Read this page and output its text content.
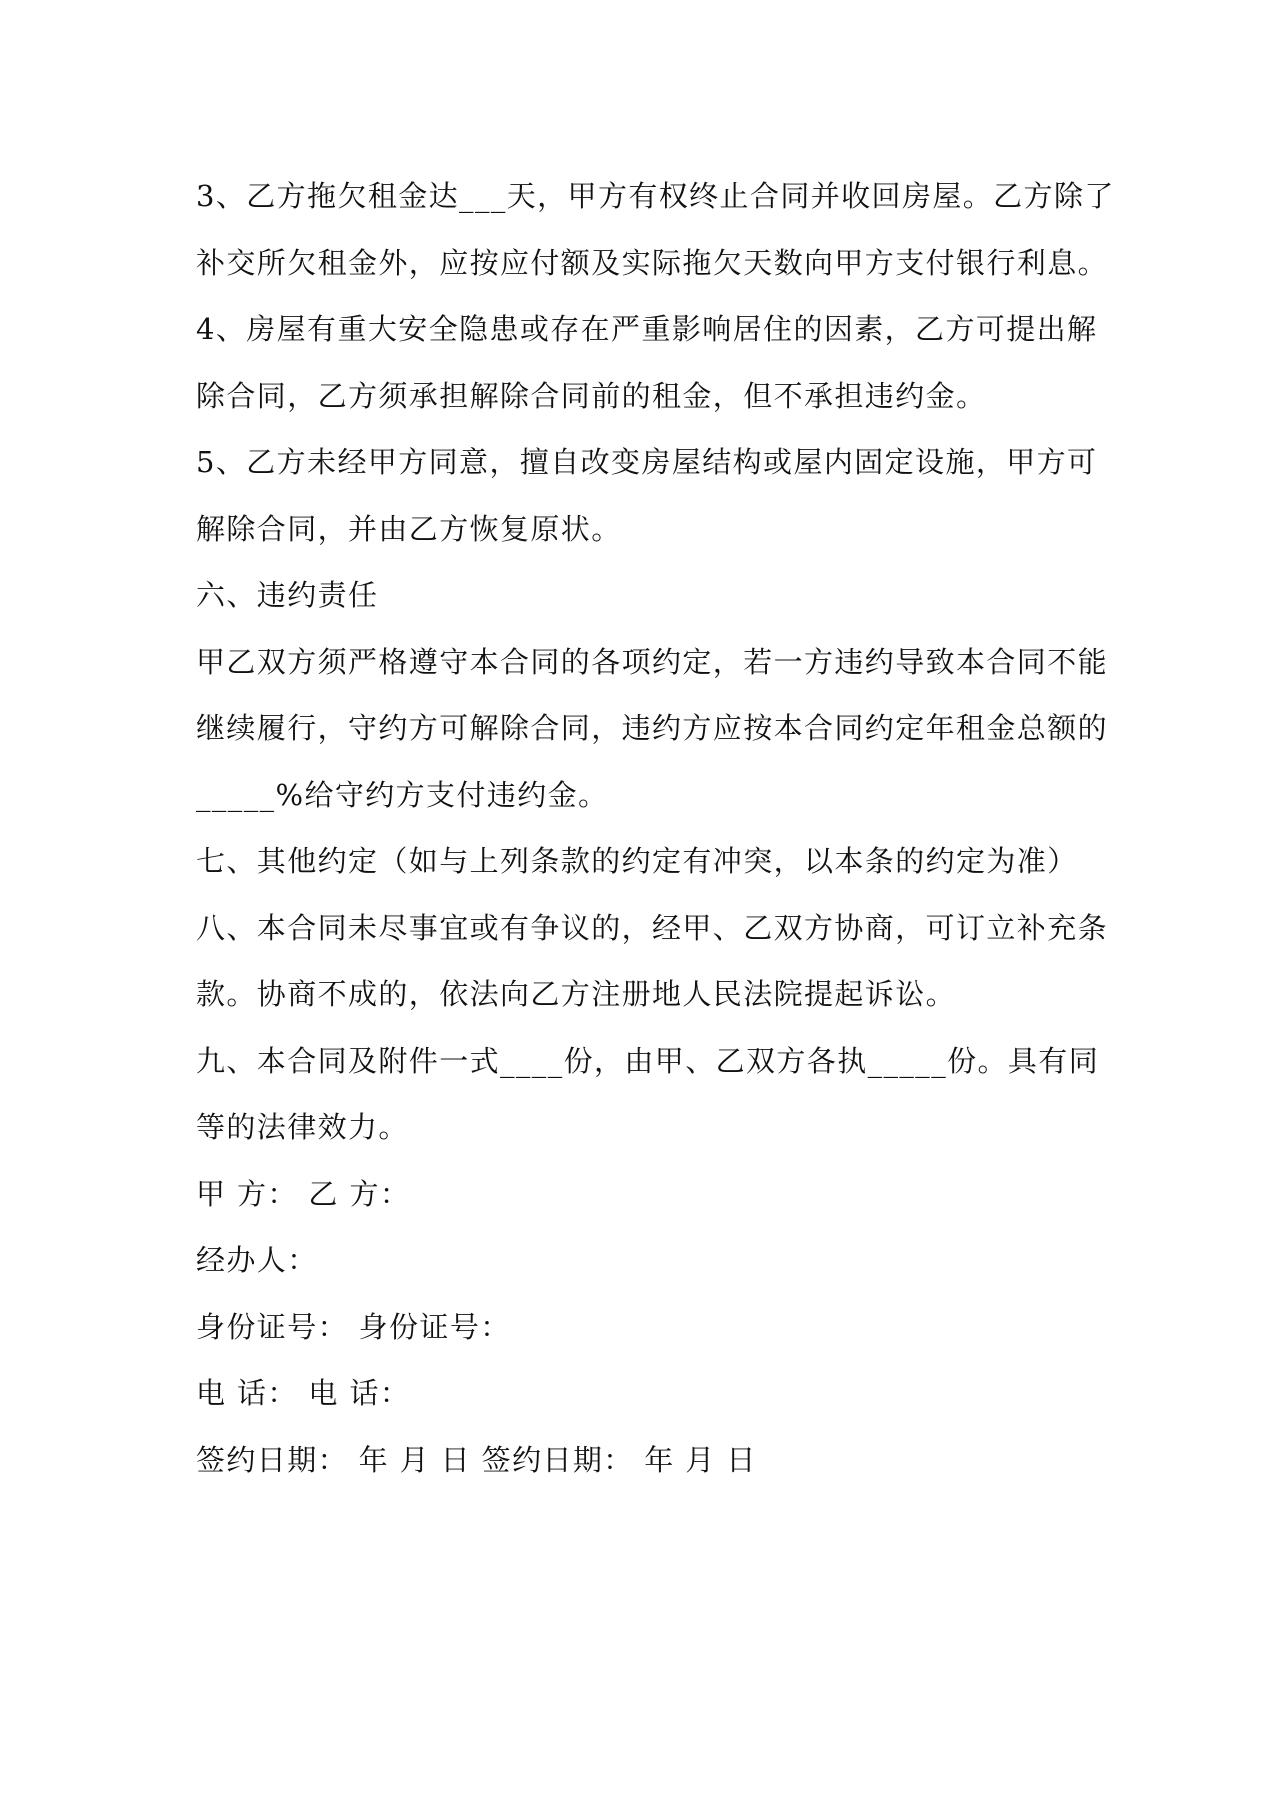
3、乙方拖欠租金达___天，甲方有权终止合同并收回房屋。乙方除了
补交所欠租金外，应按应付额及实际拖欠天数向甲方支付银行利息。
4、房屋有重大安全隐患或存在严重影响居住的因素，乙方可提出解
除合同，乙方须承担解除合同前的租金，但不承担违约金。
5、乙方未经甲方同意，擅自改变房屋结构或屋内固定设施，甲方可
解除合同，并由乙方恢复原状。
六、违约责任
甲乙双方须严格遵守本合同的各项约定，若一方违约导致本合同不能
继续履行，守约方可解除合同，违约方应按本合同约定年租金总额的
_____%给守约方支付违约金。
七、其他约定（如与上列条款的约定有冲突，以本条的约定为准）
八、本合同未尽事宜或有争议的，经甲、乙双方协商，可订立补充条
款。协商不成的，依法向乙方注册地人民法院提起诉讼。
九、本合同及附件一式____份，由甲、乙双方各执_____份。具有同
等的法律效力。
甲 方： 乙 方：
经办人：
身份证号： 身份证号：
电 话： 电 话：
签约日期： 年 月 日 签约日期： 年 月 日
